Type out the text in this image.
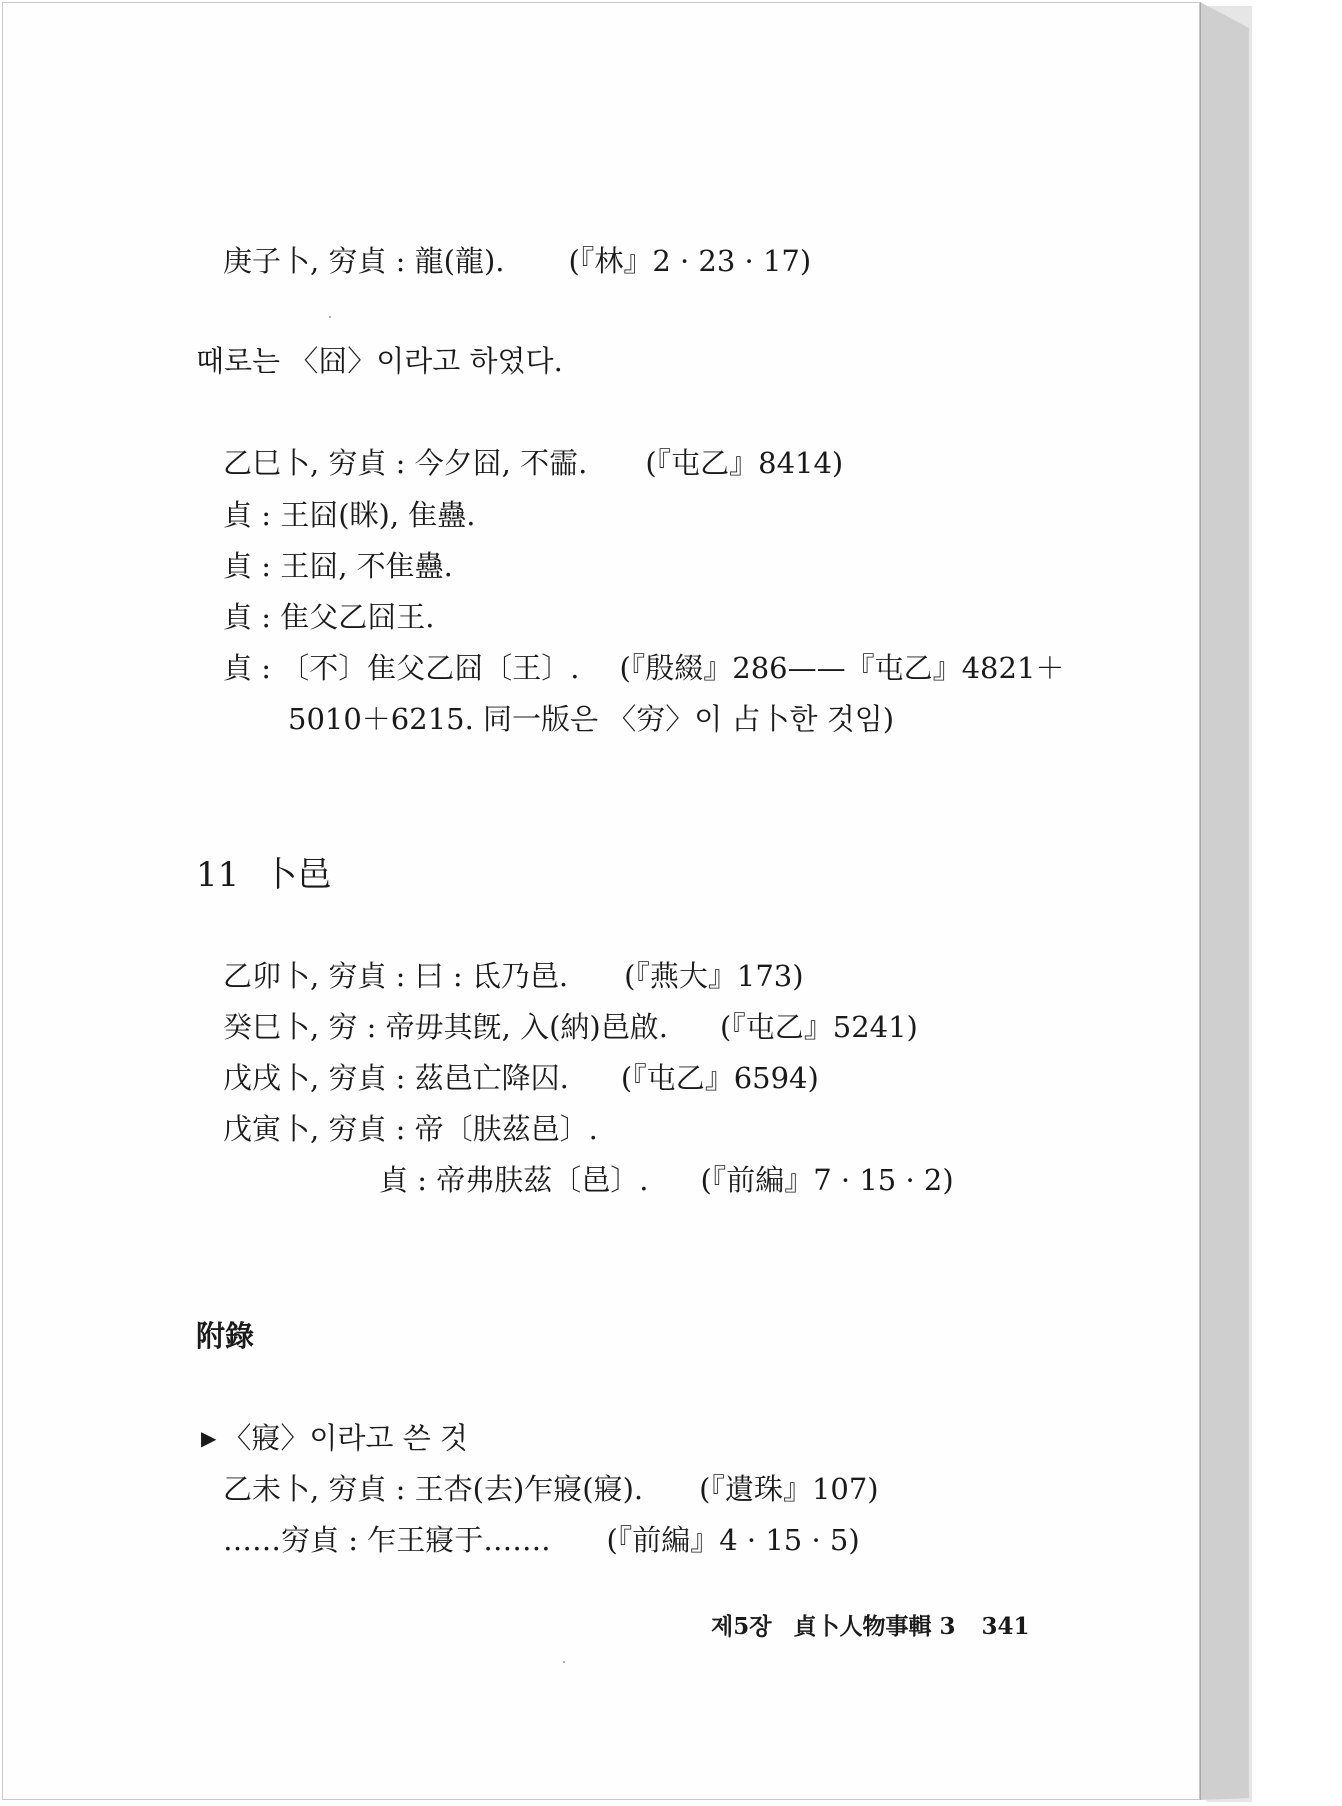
庚子卜, 穷貞 : 龍(龍). (『林』2 · 23 · 17)
때로는 〈囧〉이라고 하였다.
乙巳卜, 穷貞 : 今夕囧, 不霝. (『屯乙』8414)
貞 : 王囧(眯), 隹蠱.
貞 : 王囧, 不隹蠱.
貞 : 隹父乙囧王.
貞 : 〔不〕隹父乙囧〔王〕. (『殷綴』286——『屯乙』4821＋
5010＋6215. 同一版은 〈穷〉이 占卜한 것임)
11 卜邑
乙卯卜, 穷貞 : 曰 : 氐乃邑. (『燕大』173)
癸巳卜, 穷 : 帝毋其旣, 入(納)邑啟. (『屯乙』5241)
戊戌卜, 穷貞 : 茲邑亡降囚. (『屯乙』6594)
戊寅卜, 穷貞 : 帝〔肤茲邑〕.
貞 : 帝弗肤茲〔邑〕. (『前編』7 · 15 · 2)
附錄
▶ 〈寢〉이라고 쓴 것
乙未卜, 穷貞 : 王杏(去)乍寢(寢). (『遺珠』107)
……穷貞 : 乍王寢于……. (『前編』4 · 15 · 5)
제5장 貞卜人物事輯 3 341
